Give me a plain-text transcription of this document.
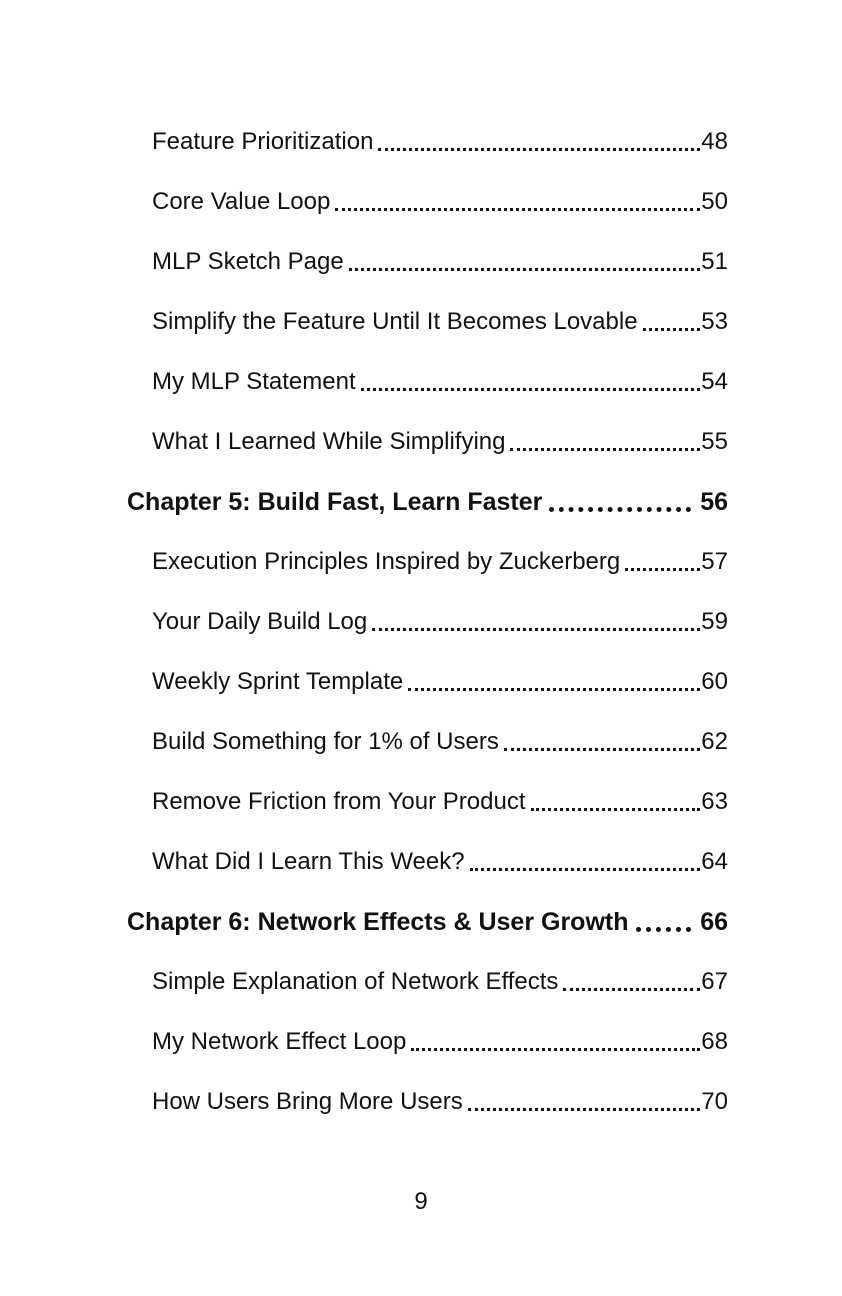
Feature Prioritization	48
Core Value Loop	50
MLP Sketch Page	51
Simplify the Feature Until It Becomes Lovable	53
My MLP Statement	54
What I Learned While Simplifying	55
Chapter 5: Build Fast, Learn Faster	56
Execution Principles Inspired by Zuckerberg	57
Your Daily Build Log	59
Weekly Sprint Template	60
Build Something for 1% of Users	62
Remove Friction from Your Product	63
What Did I Learn This Week?	64
Chapter 6: Network Effects & User Growth	66
Simple Explanation of Network Effects	67
My Network Effect Loop	68
How Users Bring More Users	70
9
